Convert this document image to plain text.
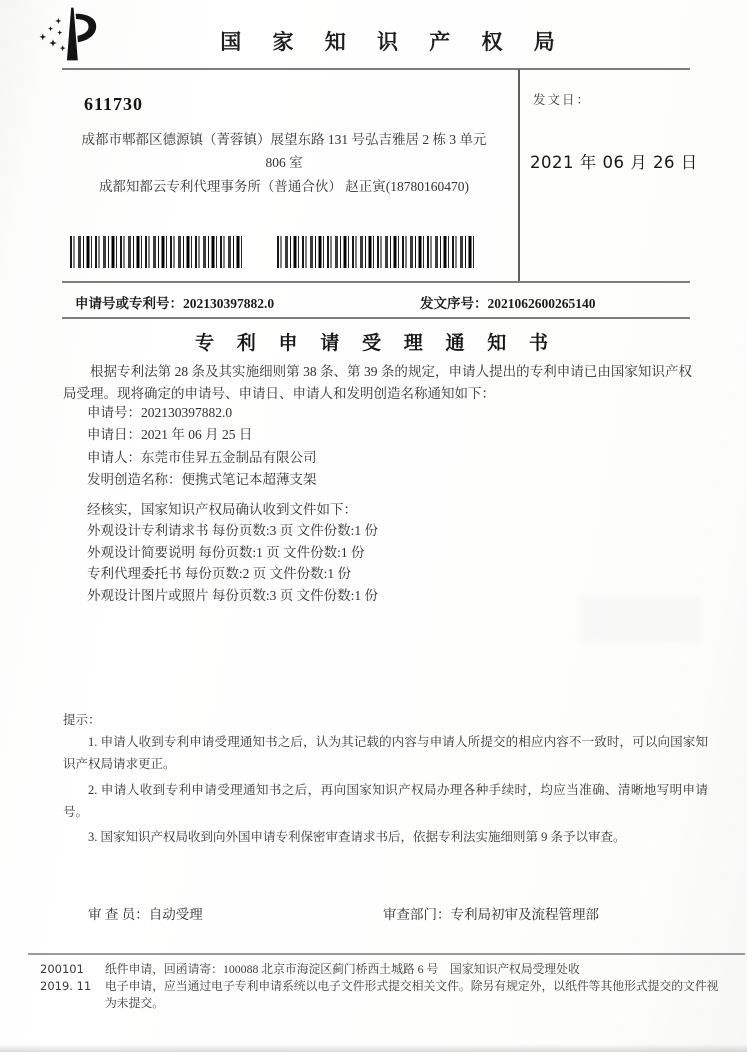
国 家 知 识 产 权 局
发文日：
2021 年 06 月 26 日
611730
成都市郫都区德源镇（菁蓉镇）展望东路 131 号弘吉雅居 2 栋 3 单元
806 室
成都知都云专利代理事务所（普通合伙） 赵正寅(18780160470)
申请号或专利号：202130397882.0	发文序号：2021062600265140
专 利 申 请 受 理 通 知 书
根据专利法第 28 条及其实施细则第 38 条、第 39 条的规定，申请人提出的专利申请已由国家知识产权局受理。现将确定的申请号、申请日、申请人和发明创造名称通知如下：
申请号：202130397882.0
申请日：2021 年 06 月 25 日
申请人：东莞市佳昇五金制品有限公司
发明创造名称：便携式笔记本超薄支架
经核实，国家知识产权局确认收到文件如下：
外观设计专利请求书 每份页数:3 页 文件份数:1 份
外观设计简要说明 每份页数:1 页 文件份数:1 份
专利代理委托书 每份页数:2 页 文件份数:1 份
外观设计图片或照片 每份页数:3 页 文件份数:1 份
提示：

1. 申请人收到专利申请受理通知书之后，认为其记载的内容与申请人所提交的相应内容不一致时，可以向国家知识产权局请求更正。

2. 申请人收到专利申请受理通知书之后，再向国家知识产权局办理各种手续时，均应当准确、清晰地写明申请号。

3. 国家知识产权局收到向外国申请专利保密审查请求书后，依据专利法实施细则第 9 条予以审查。

审 查 员：自动受理	审查部门：专利局初审及流程管理部
200101
2019. 11

纸件申请，回函请寄：100088 北京市海淀区蓟门桥西土城路 6 号　国家知识产权局受理处收

电子申请，应当通过电子专利申请系统以电子文件形式提交相关文件。除另有规定外，以纸件等其他形式提交的文件视为未提交。
